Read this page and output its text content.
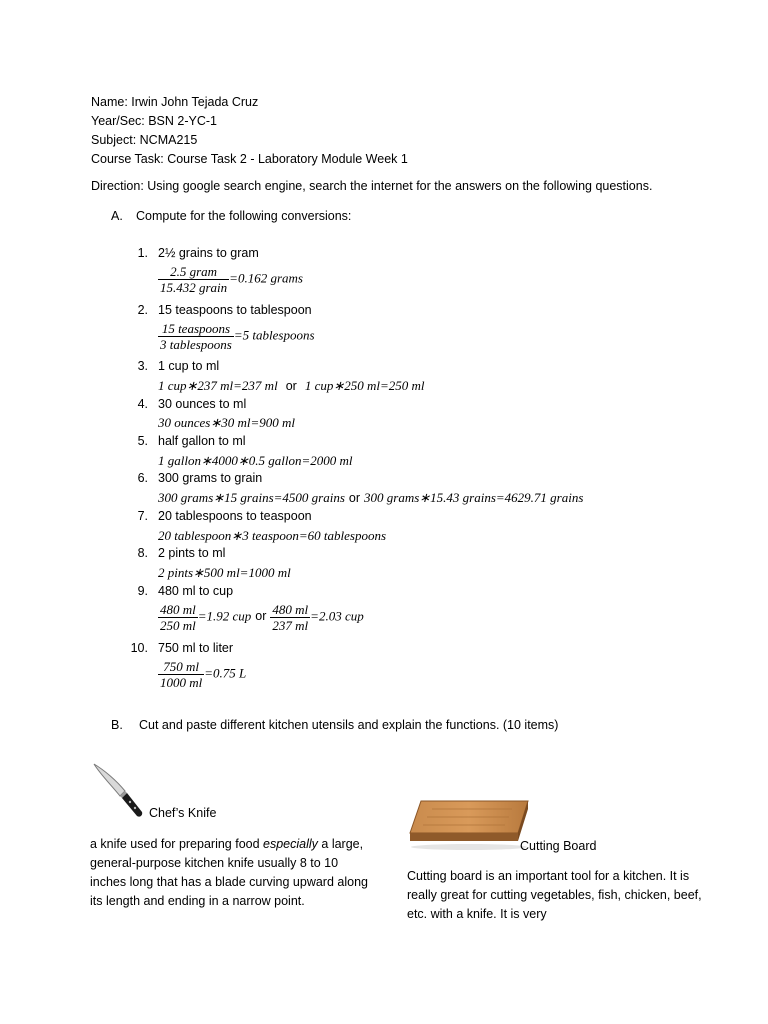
Name: Irwin John Tejada Cruz
Year/Sec: BSN 2-YC-1
Subject: NCMA215
Course Task: Course Task 2 - Laboratory Module Week 1
Direction: Using google search engine, search the internet for the answers on the following questions.
A. Compute for the following conversions:
1. 2½ grains to gram
2. 15 teaspoons to tablespoon
3. 1 cup to ml
4. 30 ounces to ml
5. half gallon to ml
6. 300 grams to grain
7. 20 tablespoons to teaspoon
8. 2 pints to ml
9. 480 ml to cup
10. 750 ml to liter
$\frac{\text{2.5 gram}}{\text{15.432 grain}} =0.162$ grams
$\frac{\text{15 teaspoons}}{\text{3 tablespoons}} =5$ tablespoons
1 cup∗237 ml=237 ml or 1 cup∗250 ml=250 ml
30 ounces∗30 ml=900 ml
1 gallon∗4000∗0.5 gallon=2000 ml
300 grams∗15 grains=4500 grains or 300 grams∗15.43 grains=4629.71 grains
20 tablespoon∗3 teaspoon=60 tablespoons
2 pints∗500 ml=1000 ml
$\frac{480 ml}{250 ml} =1.92$ cup or $\frac{480 ml}{237 ml} =2.03$ cup
$\frac{750 ml}{1000 ml} =0.75$ L
B. Cut and paste different kitchen utensils and explain the functions. (10 items)
Chef’s Knife
a knife used for preparing food especially a large, general-purpose kitchen knife usually 8 to 10 inches long that has a blade curving upward along its length and ending in a narrow point.
Cutting Board
Cutting board is an important tool for a kitchen. It is really great for cutting vegetables, fish, chicken, beef, etc. with a knife. It is very
